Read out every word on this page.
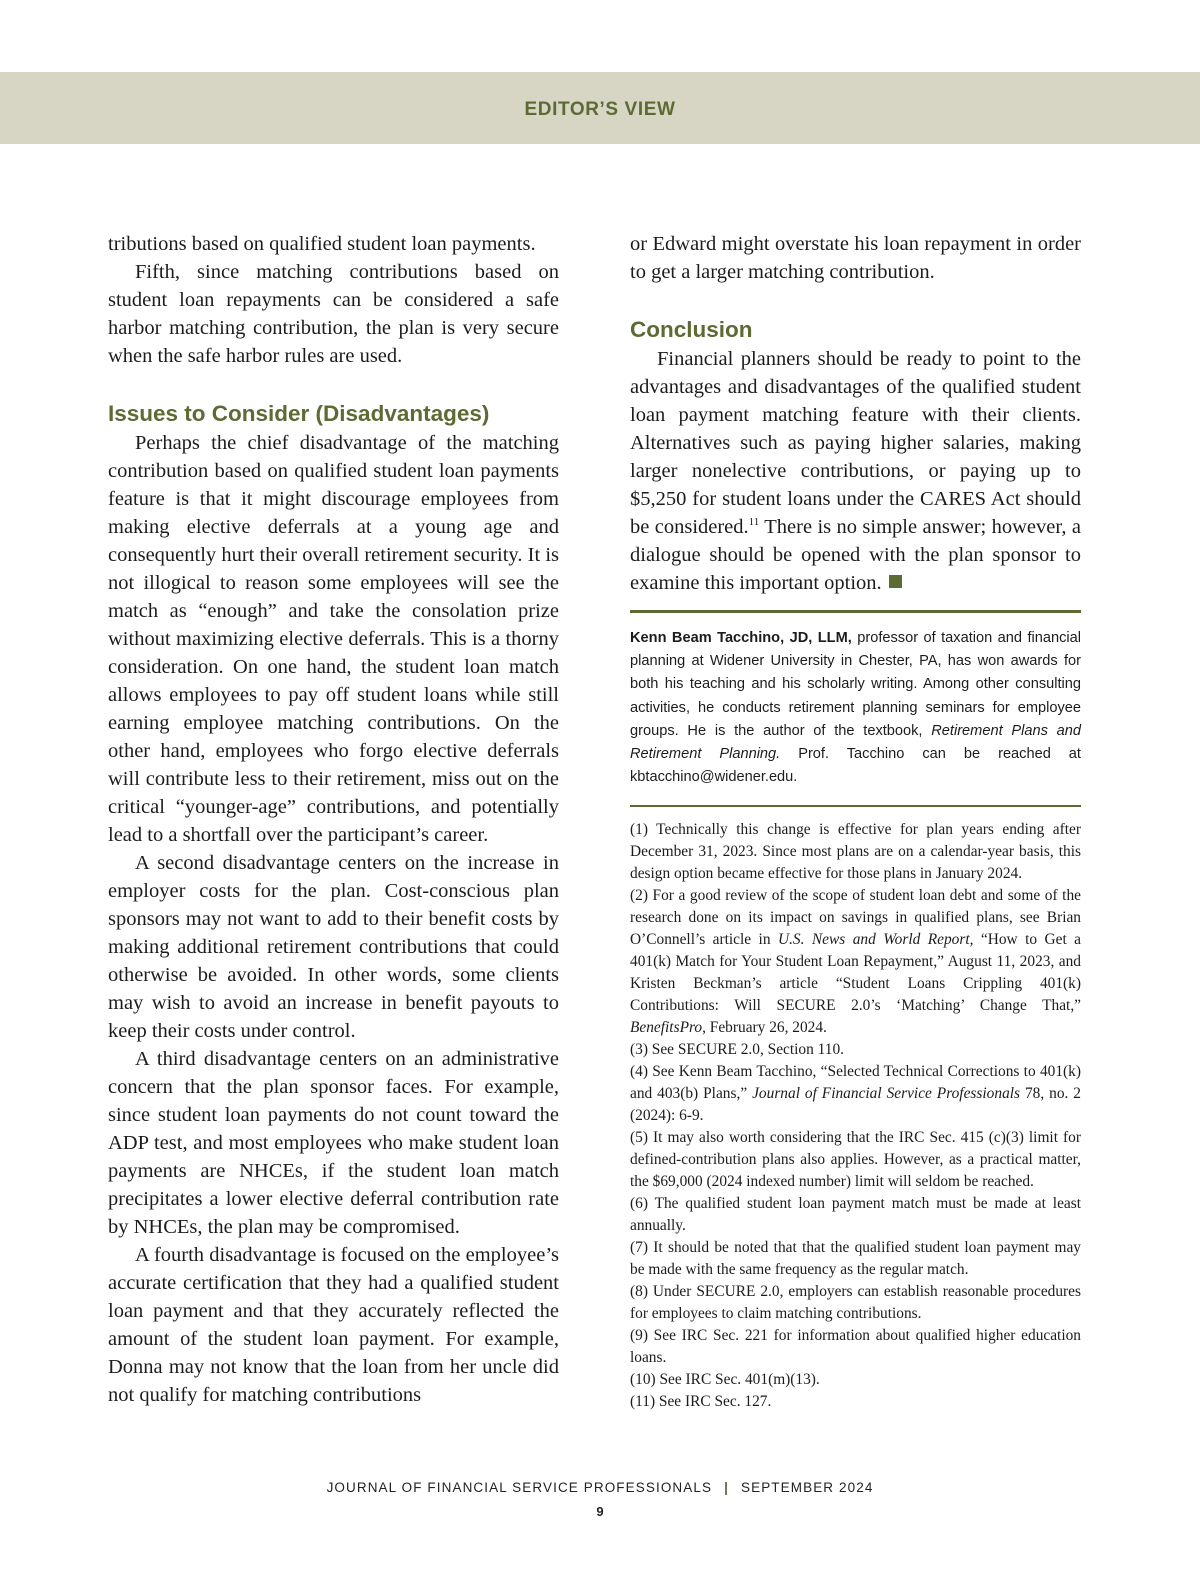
EDITOR’S VIEW

tributions based on qualified student loan payments.

Fifth, since matching contributions based on student loan repayments can be considered a safe harbor matching contribution, the plan is very secure when the safe harbor rules are used.

Issues to Consider (Disadvantages)

Perhaps the chief disadvantage of the matching contribution based on qualified student loan payments feature is that it might discourage employees from making elective deferrals at a young age and consequently hurt their overall retirement security. It is not illogical to reason some employees will see the match as “enough” and take the consolation prize without maximizing elective deferrals. This is a thorny consideration. On one hand, the student loan match allows employees to pay off student loans while still earning employee matching contributions. On the other hand, employees who forgo elective deferrals will contribute less to their retirement, miss out on the critical “younger-age” contributions, and potentially lead to a shortfall over the participant’s career.

A second disadvantage centers on the increase in employer costs for the plan. Cost-conscious plan sponsors may not want to add to their benefit costs by making additional retirement contributions that could otherwise be avoided. In other words, some clients may wish to avoid an increase in benefit payouts to keep their costs under control.

A third disadvantage centers on an administrative concern that the plan sponsor faces. For example, since student loan payments do not count toward the ADP test, and most employees who make student loan payments are NHCEs, if the student loan match precipitates a lower elective deferral contribution rate by NHCEs, the plan may be compromised.

A fourth disadvantage is focused on the employee’s accurate certification that they had a qualified student loan payment and that they accurately reflected the amount of the student loan payment. For example, Donna may not know that the loan from her uncle did not qualify for matching contributions

or Edward might overstate his loan repayment in order to get a larger matching contribution.

Conclusion

Financial planners should be ready to point to the advantages and disadvantages of the qualified student loan payment matching feature with their clients. Alternatives such as paying higher salaries, making larger nonelective contributions, or paying up to $5,250 for student loans under the CARES Act should be considered.$^{11}$ There is no simple answer; however, a dialogue should be opened with the plan sponsor to examine this important option.

Kenn Beam Tacchino, JD, LLM, professor of taxation and financial planning at Widener University in Chester, PA, has won awards for both his teaching and his scholarly writing. Among other consulting activities, he conducts retirement planning seminars for employee groups. He is the author of the textbook, Retirement Plans and Retirement Planning. Prof. Tacchino can be reached at kbtacchino@widener.edu.

(1) Technically this change is effective for plan years ending after December 31, 2023. Since most plans are on a calendar-year basis, this design option became effective for those plans in January 2024.

(2) For a good review of the scope of student loan debt and some of the research done on its impact on savings in qualified plans, see Brian O’Connell’s article in U.S. News and World Report, “How to Get a 401(k) Match for Your Student Loan Repayment,” August 11, 2023, and Kristen Beckman’s article “Student Loans Crippling 401(k) Contributions: Will SECURE 2.0’s ‘Matching’ Change That,” BenefitsPro, February 26, 2024.

(3) See SECURE 2.0, Section 110.

(4) See Kenn Beam Tacchino, “Selected Technical Corrections to 401(k) and 403(b) Plans,” Journal of Financial Service Professionals 78, no. 2 (2024): 6-9.

(5) It may also worth considering that the IRC Sec. 415 (c)(3) limit for defined-contribution plans also applies. However, as a practical matter, the $69,000 (2024 indexed number) limit will seldom be reached.

(6) The qualified student loan payment match must be made at least annually.

(7) It should be noted that that the qualified student loan payment may be made with the same frequency as the regular match.

(8) Under SECURE 2.0, employers can establish reasonable procedures for employees to claim matching contributions.

(9) See IRC Sec. 221 for information about qualified higher education loans.

(10) See IRC Sec. 401(m)(13).

(11) See IRC Sec. 127.

JOURNAL OF FINANCIAL SERVICE PROFESSIONALS | SEPTEMBER 2024
9
